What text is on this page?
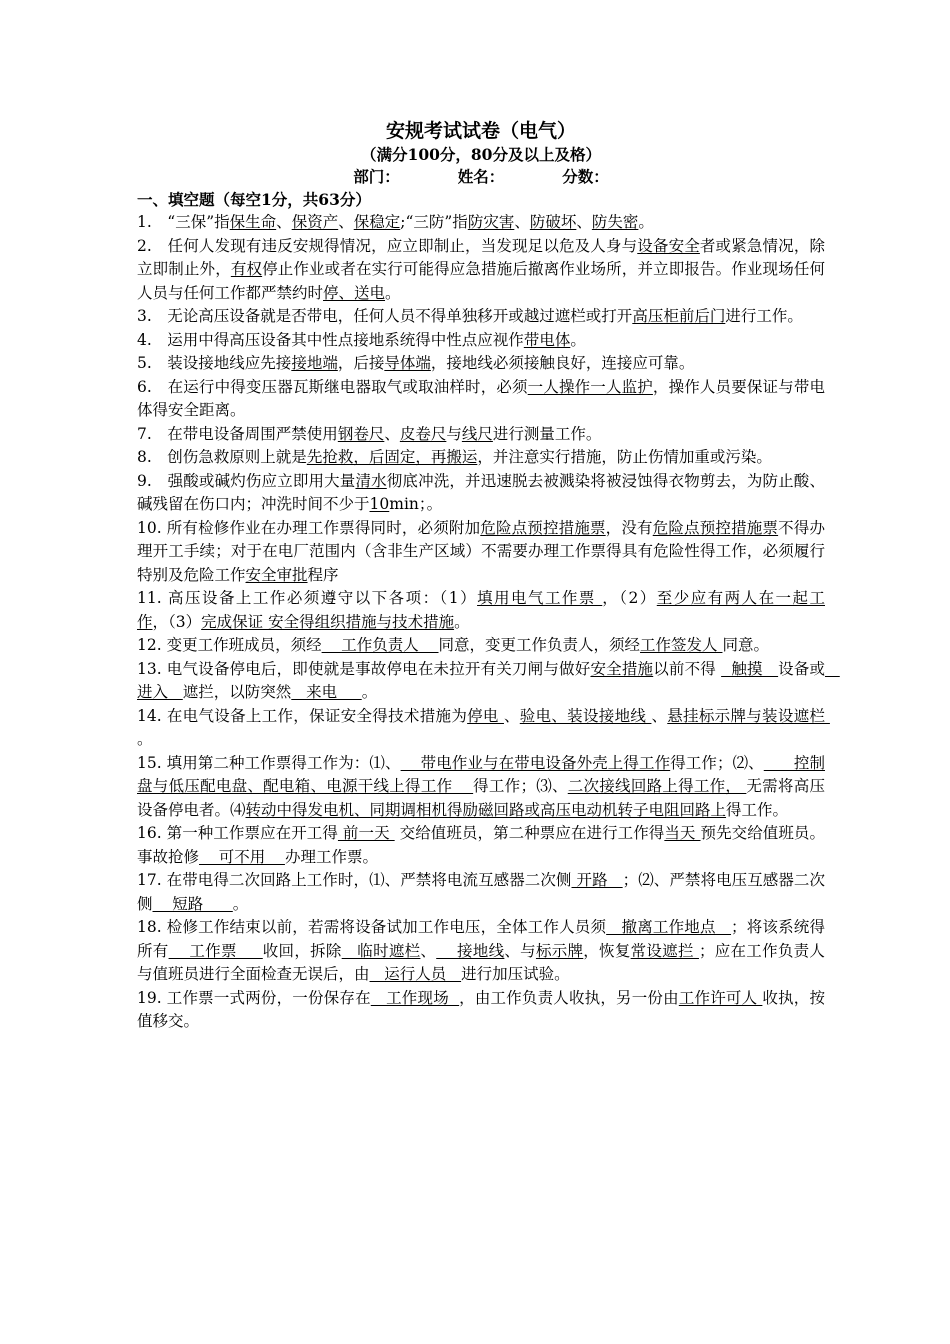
安规考试试卷（电气）
（满分100分，80分及以上及格）
部门：	姓名：	分数：
一、填空题（每空1分，共63分）

1.　“三保”指保生命、保资产、保稳定;“三防”指防灾害、防破坏、防失密。

2.　任何人发现有违反安规得情况，应立即制止，当发现足以危及人身与设备安全者或紧急情况，除立即制止外，有权停止作业或者在实行可能得应急措施后撤离作业场所，并立即报告。作业现场任何人员与任何工作都严禁约时停、送电。

3.　无论高压设备就是否带电，任何人员不得单独移开或越过遮栏或打开高压柜前后门进行工作。

4.　运用中得高压设备其中性点接地系统得中性点应视作带电体。

5.　装设接地线应先接接地端，后接导体端，接地线必须接触良好，连接应可靠。

6.　在运行中得变压器瓦斯继电器取气或取油样时，必须一人操作一人监护，操作人员要保证与带电体得安全距离。

7.　在带电设备周围严禁使用钢卷尺、皮卷尺与线尺进行测量工作。

8.　创伤急救原则上就是先抢救，后固定，再搬运，并注意实行措施，防止伤情加重或污染。

9.　强酸或碱灼伤应立即用大量清水彻底冲洗，并迅速脱去被溅染将被浸蚀得衣物剪去，为防止酸、碱残留在伤口内；冲洗时间不少于10min；。

10. 所有检修作业在办理工作票得同时，必须附加危险点预控措施票，没有危险点预控措施票不得办理开工手续；对于在电厂范围内（含非生产区域）不需要办理工作票得具有危险性得工作，必须履行特别及危险工作安全审批程序

11. 高压设备上工作必须遵守以下各项：（1）填用电气工作票 ，（2）至少应有两人在一起工作，（3）完成保证 安全得组织措施与技术措施。

12. 变更工作班成员，须经    工作负责人    同意，变更工作负责人，须经工作签发人 同意。

13. 电气设备停电后，即使就是事故停电在未拉开有关刀闸与做好安全措施以前不得   触摸   设备或   进入   遮拦，以防突然   来电     。

14. 在电气设备上工作，保证安全得技术措施为停电 、验电、装设接地线 、悬挂标示牌与装设遮栏 。

15. 填用第二种工作票得工作为：⑴、    带电作业与在带电设备外壳上得工作得工作；⑵、      控制盘与低压配电盘、配电箱、电源干线上得工作    得工作；⑶、二次接线回路上得工作， 无需将高压设备停电者。⑷转动中得发电机、同期调相机得励磁回路或高压电动机转子电阻回路上得工作。

16. 第一种工作票应在开工得 前一天  交给值班员，第二种票应在进行工作得当天 预先交给值班员。事故抢修    可不用    办理工作票。

17. 在带电得二次回路上工作时，⑴、严禁将电流互感器二次侧 开路   ；⑵、严禁将电压互感器二次侧    短路      。

18. 检修工作结束以前，若需将设备试加工作电压，全体工作人员须   撤离工作地点   ；将该系统得所有    工作票     收回，拆除   临时遮栏、    接地线、与标示牌，恢复常设遮拦 ；应在工作负责人与值班员进行全面检查无误后，由   运行人员   进行加压试验。

19. 工作票一式两份，一份保存在   工作现场  ，由工作负责人收执，另一份由工作许可人 收执，按值移交。
